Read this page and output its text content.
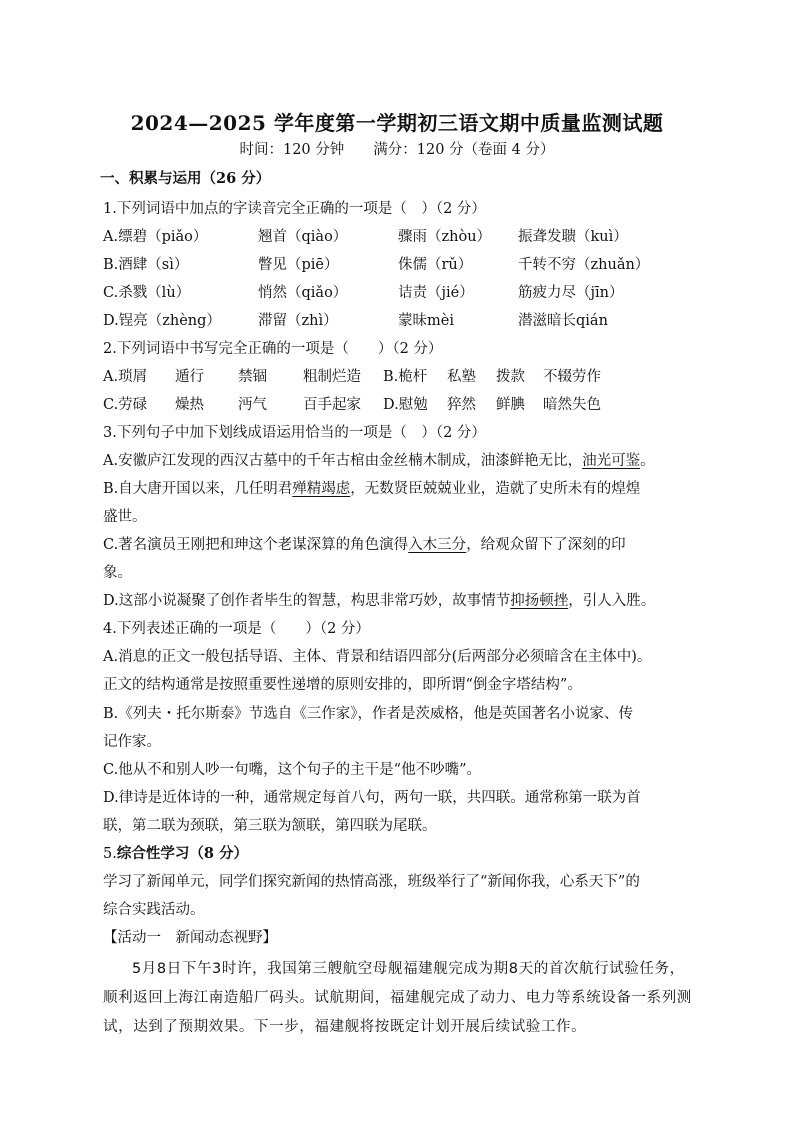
2024—2025 学年度第一学期初三语文期中质量监测试题
时间：120 分钟　　满分：120 分（卷面 4 分）
一、积累与运用（26 分）
1.下列词语中加点的字读音完全正确的一项是（　）（2 分）
A.缥碧（piǎo）	翘首（qiào）	骤雨（zhòu） 振聋发聩（kuì）
B.酒肆（sì）	瞥见（piē）	侏儒（rǔ）	千转不穷（zhuǎn）
C.杀戮（lù）	悄然（qiǎo）	诘责（jié）	筋疲力尽（jīn）
D.锃亮（zhèng）	滞留（zhì）	蒙昧mèi	潜滋暗长qián
2.下列词语中书写完全正确的一项是（　　）（2 分）
A.琐屑 遁行 禁锢 粗制烂造 B.桅杆 私塾 拨款 不辍劳作
C.劳碌 燥热 沔气 百手起家 D.慰勉 猝然 鲜腆 暗然失色
3.下列句子中加下划线成语运用恰当的一项是（　）（2 分）
A.安徽庐江发现的西汉古墓中的千年古棺由金丝楠木制成，油漆鲜艳无比，油光可鉴。
B.自大唐开国以来，几任明君殚精竭虑，无数贤臣兢兢业业，造就了史所未有的煌煌
盛世。
C.著名演员王刚把和珅这个老谋深算的角色演得入木三分，给观众留下了深刻的印
象。
D.这部小说凝聚了创作者毕生的智慧，构思非常巧妙，故事情节抑扬顿挫，引人入胜。
4.下列表述正确的一项是（　　）（2 分）
A.消息的正文一般包括导语、主体、背景和结语四部分(后两部分必须暗含在主体中)。
正文的结构通常是按照重要性递增的原则安排的，即所谓“倒金字塔结构”。
B.《列夫・托尔斯泰》节选自《三作家》，作者是茨威格，他是英国著名小说家、传
记作家。
C.他从不和别人吵一句嘴，这个句子的主干是“他不吵嘴”。
D.律诗是近体诗的一种，通常规定每首八句，两句一联，共四联。通常称第一联为首
联，第二联为颈联，第三联为颔联，第四联为尾联。
5.综合性学习（8 分）
学习了新闻单元，同学们探究新闻的热情高涨，班级举行了“新闻你我，心系天下”的
综合实践活动。
【活动一　新闻动态视野】
5月8日下午3时许，我国第三艘航空母舰福建舰完成为期8天的首次航行试验任务，顺利返回上海江南造船厂码头。试航期间，福建舰完成了动力、电力等系统设备一系列测试，达到了预期效果。下一步，福建舰将按既定计划开展后续试验工作。
